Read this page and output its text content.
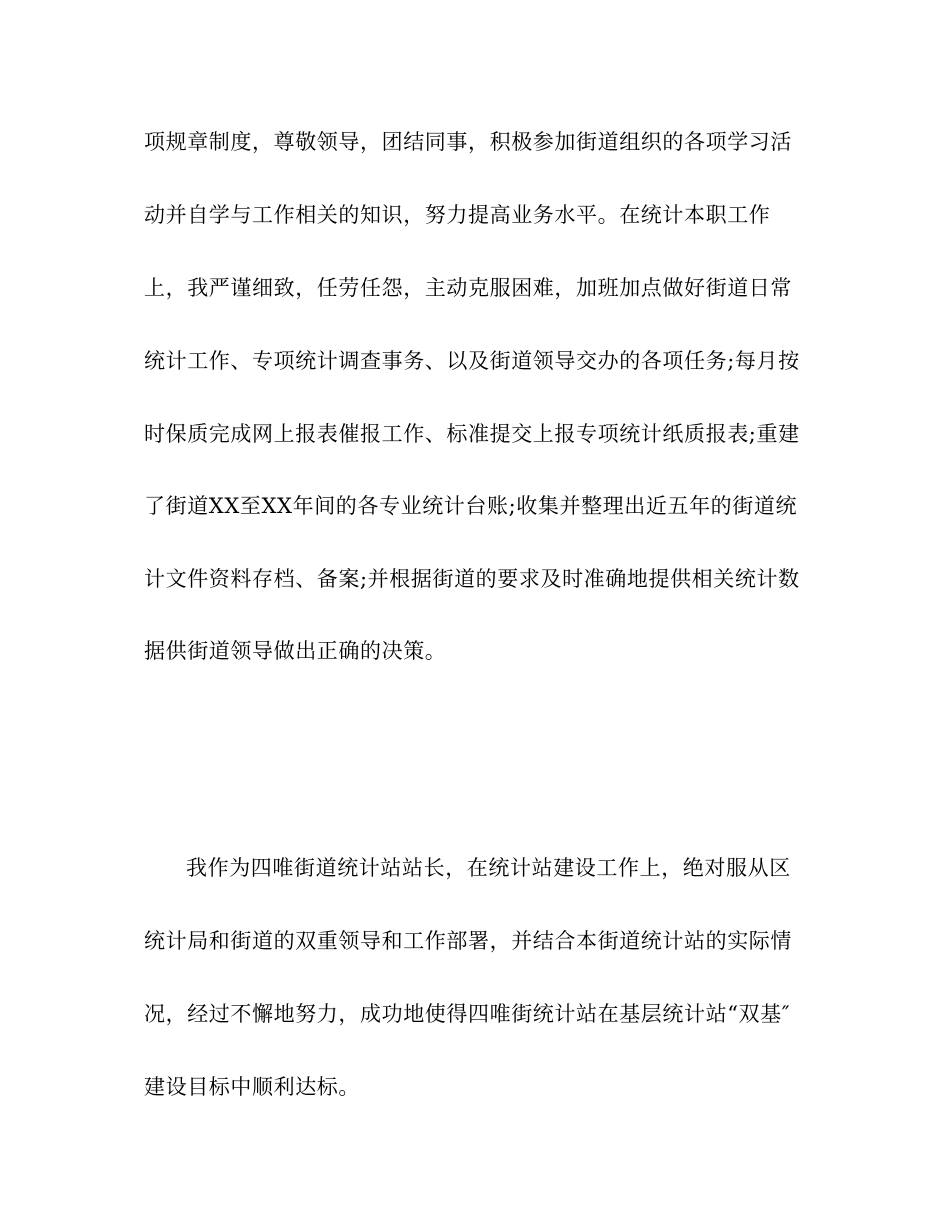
项规章制度，尊敬领导，团结同事，积极参加街道组织的各项学习活
动并自学与工作相关的知识，努力提高业务水平。在统计本职工作
上，我严谨细致，任劳任怨，主动克服困难，加班加点做好街道日常
统计工作、专项统计调查事务、以及街道领导交办的各项任务;每月按
时保质完成网上报表催报工作、标准提交上报专项统计纸质报表;重建
了街道XX至XX年间的各专业统计台账;收集并整理出近五年的街道统
计文件资料存档、备案;并根据街道的要求及时准确地提供相关统计数
据供街道领导做出正确的决策。
我作为四唯街道统计站站长，在统计站建设工作上，绝对服从区
统计局和街道的双重领导和工作部署，并结合本街道统计站的实际情
况，经过不懈地努力，成功地使得四唯街统计站在基层统计站“双基″
建设目标中顺利达标。
